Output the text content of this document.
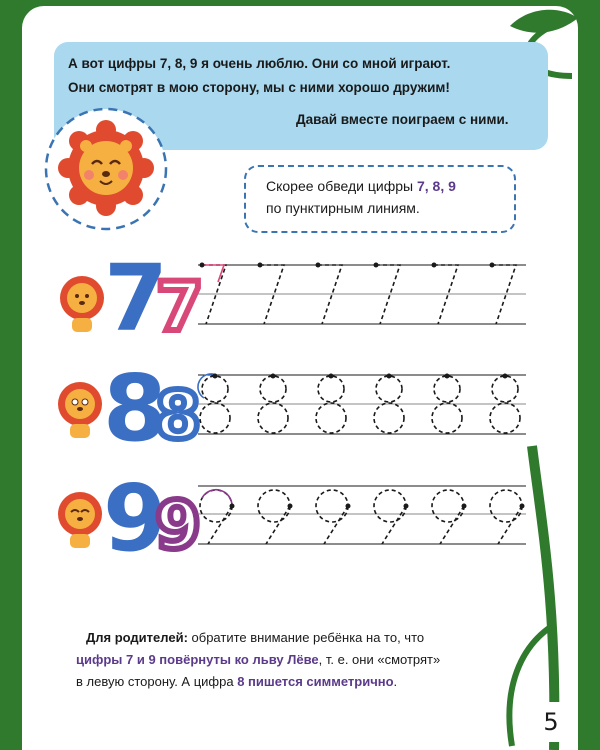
А вот цифры 7, 8, 9 я очень люблю. Они со мной играют.

Они смотрят в мою сторону, мы с ними хорошо дружим!

Давай вместе поиграем с ними.

Скорее обведи цифры 7, 8, 9

по пунктирным линиям.

7
7
8
8
9
9

Для родителей: обратите внимание ребёнка на то, что

цифры 7 и 9 повёрнуты ко льву Лёве, т. е. они «смотрят»

в левую сторону. А цифра 8 пишется симметрично.

5
